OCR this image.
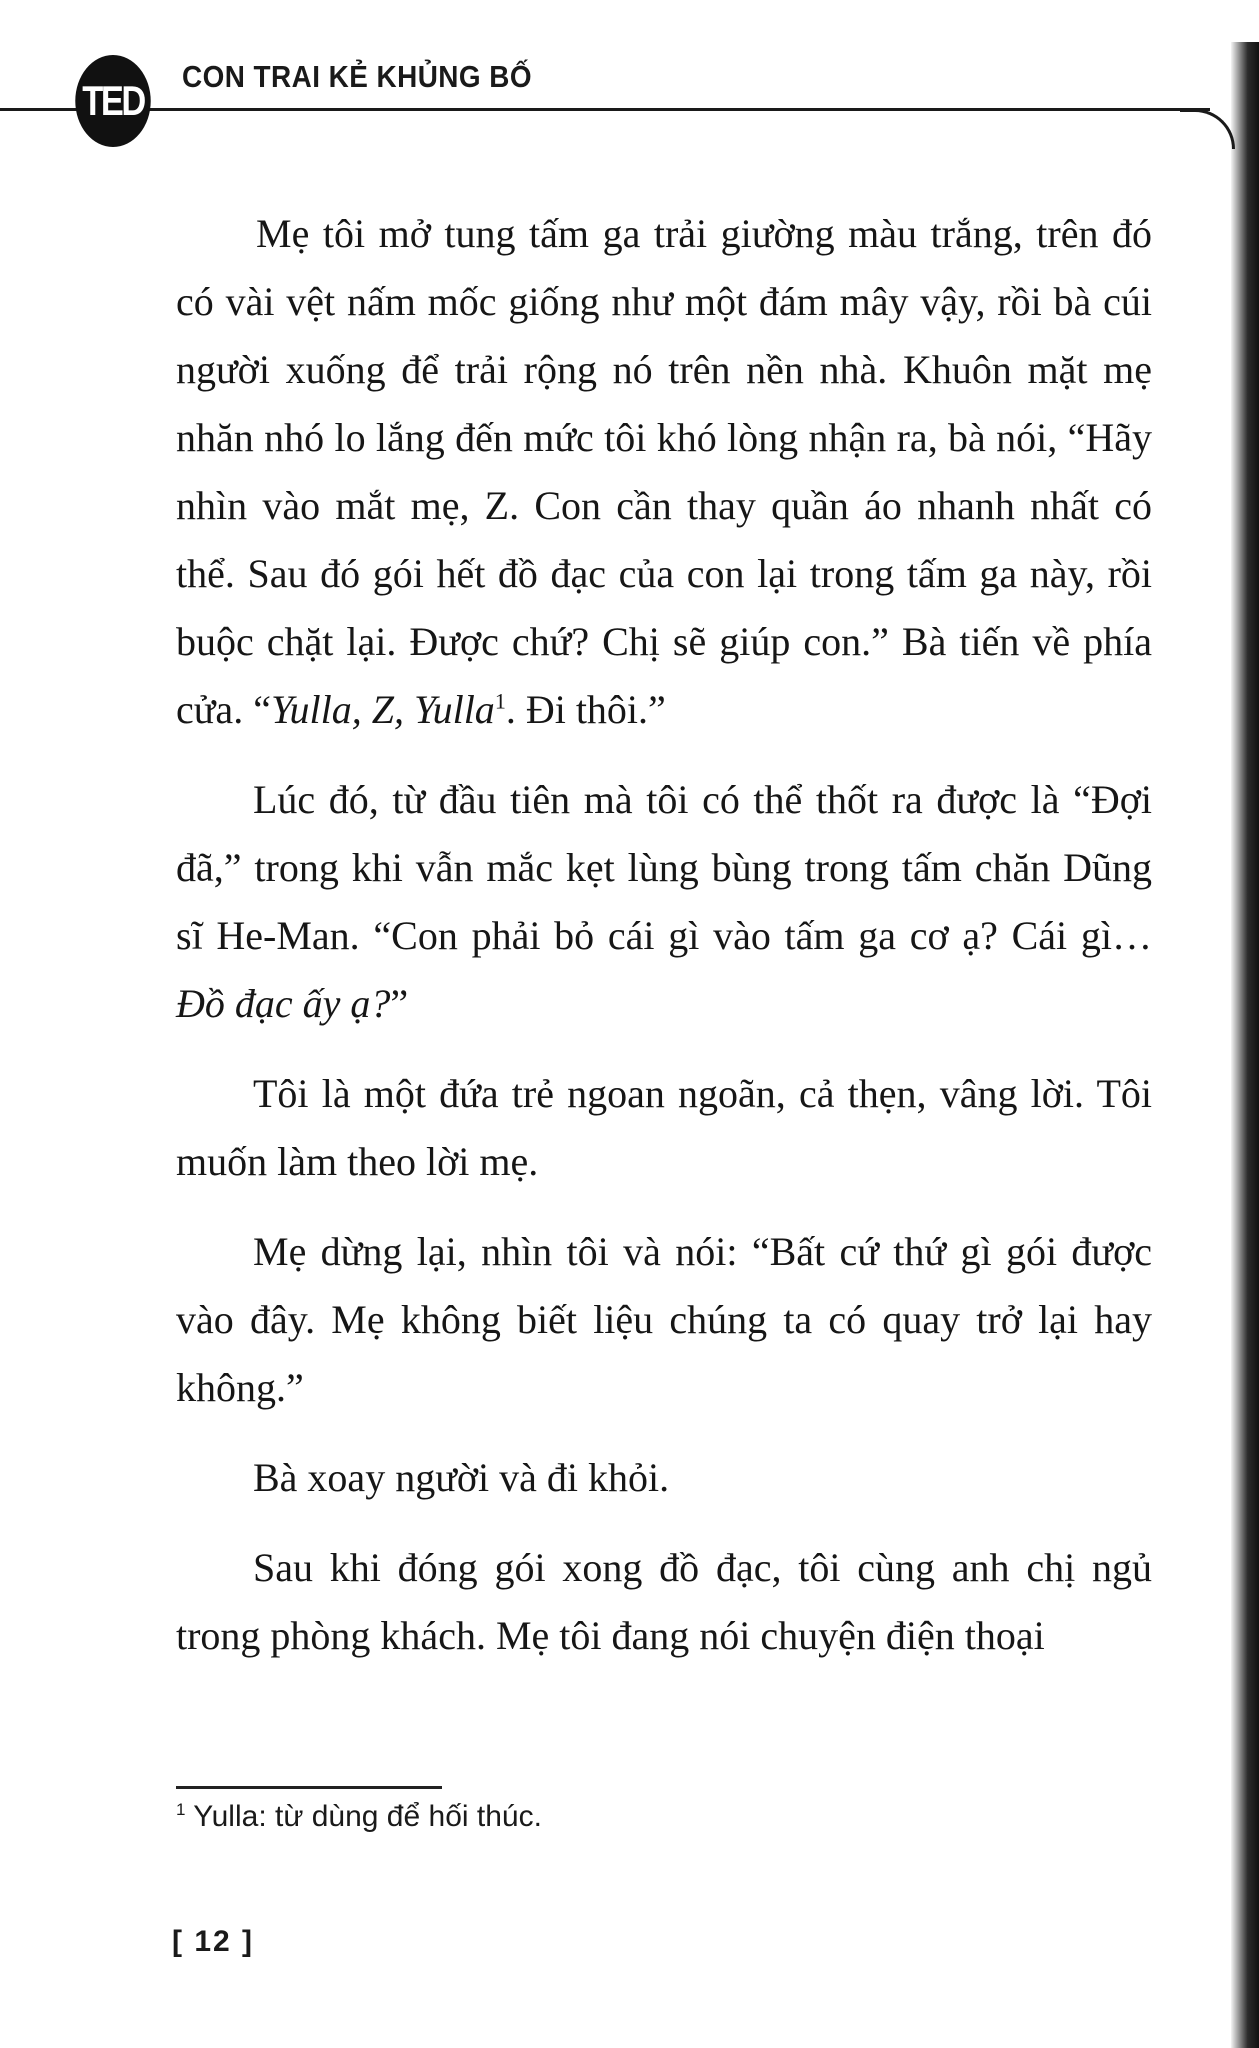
TED
CON TRAI KẺ KHỦNG BỐ

Mẹ tôi mở tung tấm ga trải giường màu trắng, trên đó có vài vệt nấm mốc giống như một đám mây vậy, rồi bà cúi người xuống để trải rộng nó trên nền nhà. Khuôn mặt mẹ nhăn nhó lo lắng đến mức tôi khó lòng nhận ra, bà nói, “Hãy nhìn vào mắt mẹ, Z. Con cần thay quần áo nhanh nhất có thể. Sau đó gói hết đồ đạc của con lại trong tấm ga này, rồi buộc chặt lại. Được chứ? Chị sẽ giúp con.” Bà tiến về phía cửa. “Yulla, Z, Yulla$^1$. Đi thôi.”

Lúc đó, từ đầu tiên mà tôi có thể thốt ra được là “Đợi đã,” trong khi vẫn mắc kẹt lùng bùng trong tấm chăn Dũng sĩ He-Man. “Con phải bỏ cái gì vào tấm ga cơ ạ? Cái gì…Đồ đạc ấy ạ?”

Tôi là một đứa trẻ ngoan ngoãn, cả thẹn, vâng lời. Tôi muốn làm theo lời mẹ.

Mẹ dừng lại, nhìn tôi và nói: “Bất cứ thứ gì gói được vào đây. Mẹ không biết liệu chúng ta có quay trở lại hay không.”

Bà xoay người và đi khỏi.

Sau khi đóng gói xong đồ đạc, tôi cùng anh chị ngủ trong phòng khách. Mẹ tôi đang nói chuyện điện thoại

$^1$ Yulla: từ dùng để hối thúc.
[ 12 ]
